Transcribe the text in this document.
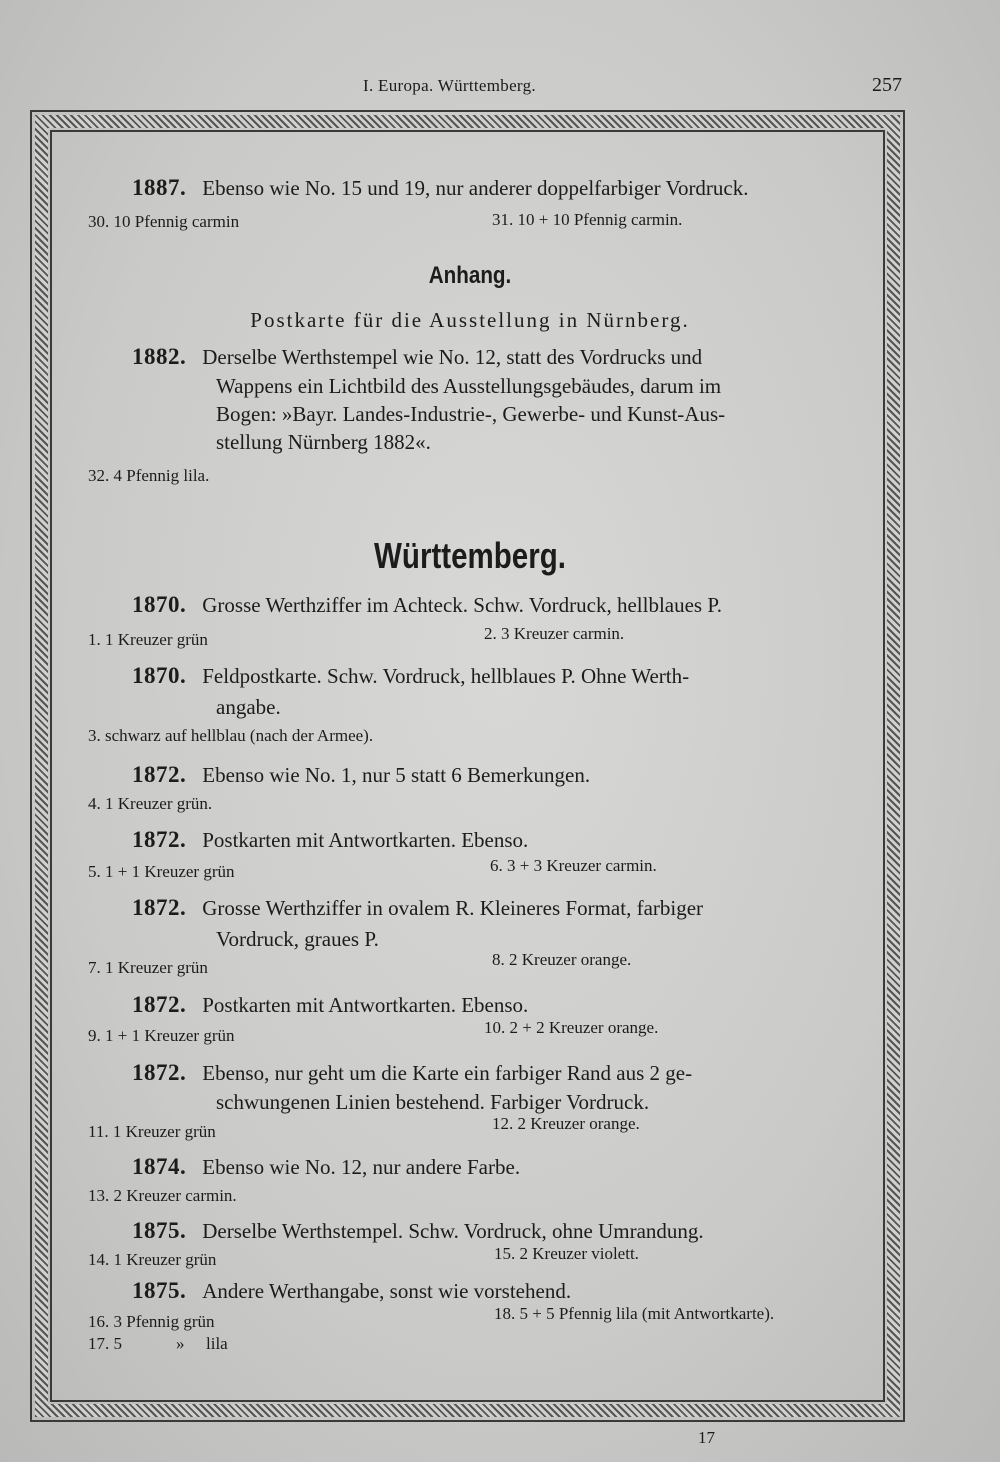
I. Europa. Württemberg.	257
1887. Ebenso wie No. 15 und 19, nur anderer doppelfarbiger Vordruck.
30. 10 Pfennig carmin	31. 10 + 10 Pfennig carmin.
Anhang.
Postkarte für die Ausstellung in Nürnberg.
1882. Derselbe Werthstempel wie No. 12, statt des Vordrucks und
Wappens ein Lichtbild des Ausstellungsgebäudes, darum im
Bogen: »Bayr. Landes-Industrie-, Gewerbe- und Kunst-Aus-
stellung Nürnberg 1882«.
32. 4 Pfennig lila.
Württemberg.
1870. Grosse Werthziffer im Achteck. Schw. Vordruck, hellblaues P.
1. 1 Kreuzer grün	2. 3 Kreuzer carmin.
1870. Feldpostkarte. Schw. Vordruck, hellblaues P. Ohne Werth-
angabe.
3. schwarz auf hellblau (nach der Armee).
1872. Ebenso wie No. 1, nur 5 statt 6 Bemerkungen.
4. 1 Kreuzer grün.
1872. Postkarten mit Antwortkarten. Ebenso.
5. 1 + 1 Kreuzer grün	6. 3 + 3 Kreuzer carmin.
1872. Grosse Werthziffer in ovalem R. Kleineres Format, farbiger
Vordruck, graues P.
7. 1 Kreuzer grün	8. 2 Kreuzer orange.
1872. Postkarten mit Antwortkarten. Ebenso.
9. 1 + 1 Kreuzer grün	10. 2 + 2 Kreuzer orange.
1872. Ebenso, nur geht um die Karte ein farbiger Rand aus 2 ge-
schwungenen Linien bestehend. Farbiger Vordruck.
11. 1 Kreuzer grün	12. 2 Kreuzer orange.
1874. Ebenso wie No. 12, nur andere Farbe.
13. 2 Kreuzer carmin.
1875. Derselbe Werthstempel. Schw. Vordruck, ohne Umrandung.
14. 1 Kreuzer grün	15. 2 Kreuzer violett.
1875. Andere Werthangabe, sonst wie vorstehend.
16. 3 Pfennig grün	18. 5 + 5 Pfennig lila (mit Antwortkarte).
17. 5	» lila
17
